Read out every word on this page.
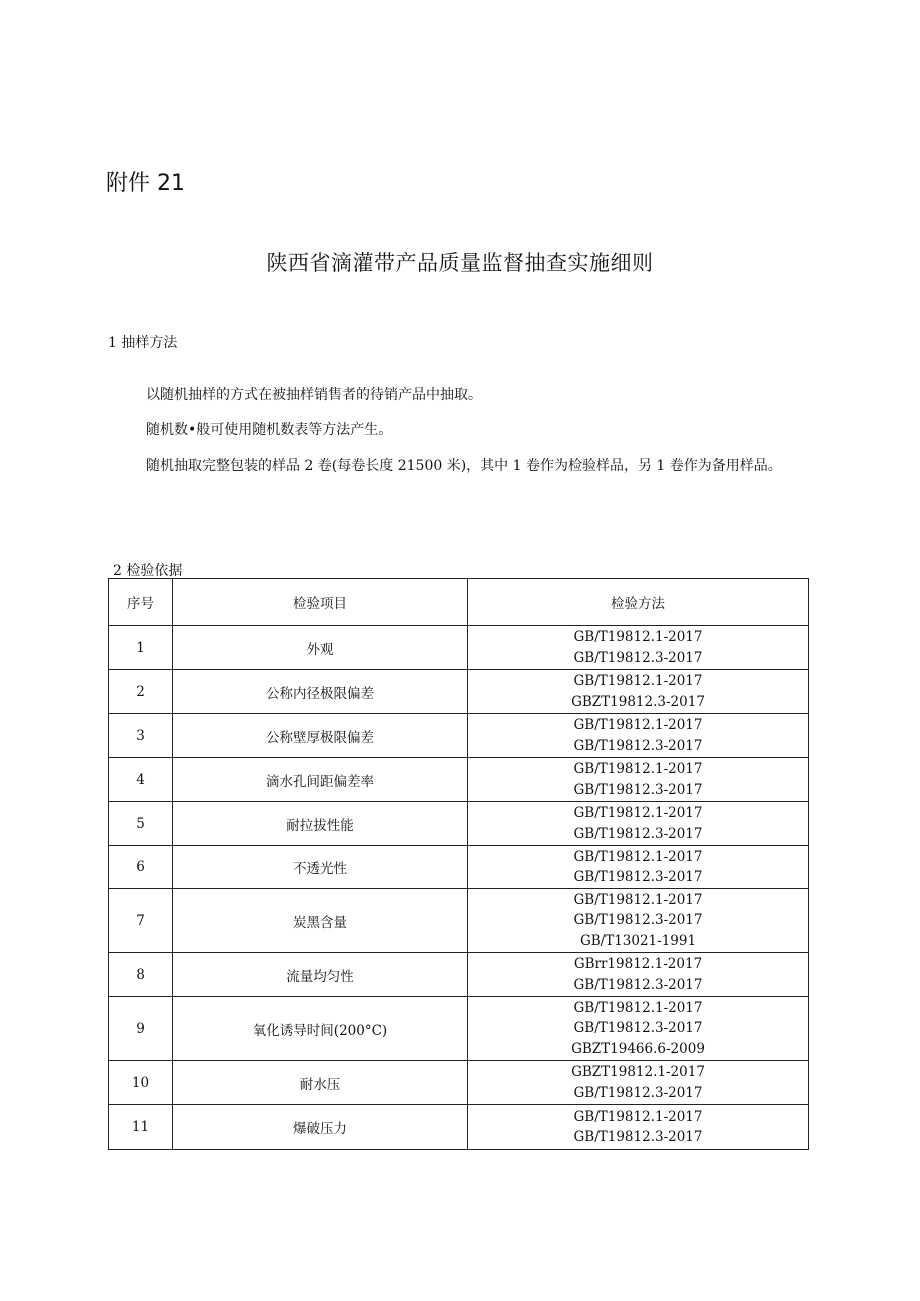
附件 21
陕西省滴灌带产品质量监督抽查实施细则
1 抽样方法
以随机抽样的方式在被抽样销售者的待销产品中抽取。
随机数•般可使用随机数表等方法产生。
随机抽取完整包装的样品 2 卷(每卷长度 21500 米)，其中 1 卷作为检验样品，另 1 卷作为备用样品。
2 检验依据
序号	检验项目	检验方法
1	外观	GB/T19812.1-2017
GB/T19812.3-2017

2	公称内径极限偏差	GB/T19812.1-2017
GBZT19812.3-2017

3	公称壁厚极限偏差	GB/T19812.1-2017
GB/T19812.3-2017

4	滴水孔间距偏差率	GB/T19812.1-2017
GB/T19812.3-2017

5	耐拉拔性能	GB/T19812.1-2017
GB/T19812.3-2017

6	不透光性	GB/T19812.1-2017
GB/T19812.3-2017

7	炭黑含量	GB/T19812.1-2017
GB/T19812.3-2017
GB/T13021-1991

8	流量均匀性	GBrr19812.1-2017
GB/T19812.3-2017

9	氧化诱导时间(200°C)	GB/T19812.1-2017
GB/T19812.3-2017
GBZT19466.6-2009

10	耐水压	GBZT19812.1-2017
GB/T19812.3-2017

11	爆破压力	GB/T19812.1-2017
GB/T19812.3-2017
